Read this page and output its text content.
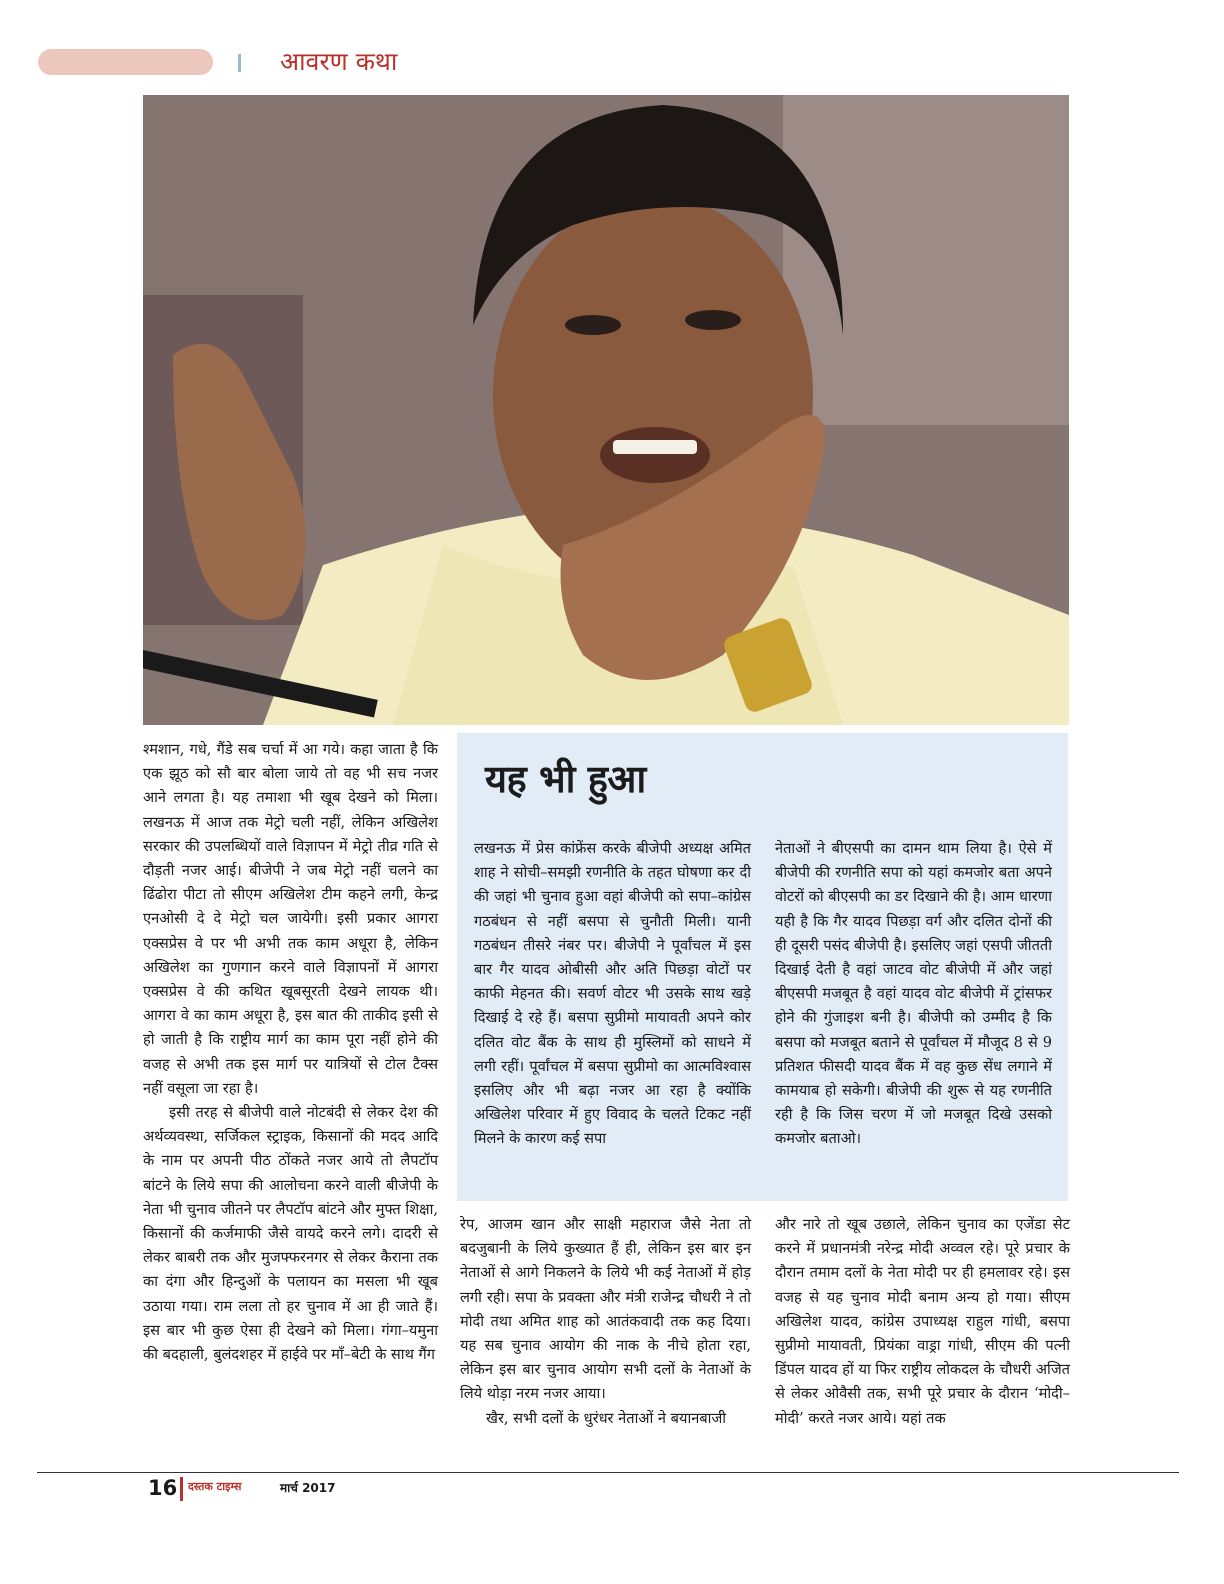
आवरण कथा

श्मशान, गधे, गैंडे सब चर्चा में आ गये। कहा जाता है कि एक झूठ को सौ बार बोला जाये तो वह भी सच नजर आने लगता है। यह तमाशा भी खूब देखने को मिला। लखनऊ में आज तक मेट्रो चली नहीं, लेकिन अखिलेश सरकार की उपलब्धियों वाले विज्ञापन में मेट्रो तीव्र गति से दौड़ती नजर आई। बीजेपी ने जब मेट्रो नहीं चलने का ढिंढोरा पीटा तो सीएम अखिलेश टीम कहने लगी, केन्द्र एनओसी दे दे मेट्रो चल जायेगी। इसी प्रकार आगरा एक्सप्रेस वे पर भी अभी तक काम अधूरा है, लेकिन अखिलेश का गुणगान करने वाले विज्ञापनों में आगरा एक्सप्रेस वे की कथित खूबसूरती देखने लायक थी। आगरा वे का काम अधूरा है, इस बात की ताकीद इसी से हो जाती है कि राष्ट्रीय मार्ग का काम पूरा नहीं होने की वजह से अभी तक इस मार्ग पर यात्रियों से टोल टैक्स नहीं वसूला जा रहा है।

इसी तरह से बीजेपी वाले नोटबंदी से लेकर देश की अर्थव्यवस्था, सर्जिकल स्ट्राइक, किसानों की मदद आदि के नाम पर अपनी पीठ ठोंकते नजर आये तो लैपटॉप बांटने के लिये सपा की आलोचना करने वाली बीजेपी के नेता भी चुनाव जीतने पर लैपटॉप बांटने और मुफ्त शिक्षा, किसानों की कर्जमाफी जैसे वायदे करने लगे। दादरी से लेकर बाबरी तक और मुजफ्फरनगर से लेकर कैराना तक का दंगा और हिन्दुओं के पलायन का मसला भी खूब उठाया गया। राम लला तो हर चुनाव में आ ही जाते हैं। इस बार भी कुछ ऐसा ही देखने को मिला। गंगा–यमुना की बदहाली, बुलंदशहर में हाईवे पर माँ–बेटी के साथ गैंग

यह भी हुआ

लखनऊ में प्रेस कांफ्रेंस करके बीजेपी अध्यक्ष अमित शाह ने सोची–समझी रणनीति के तहत घोषणा कर दी की जहां भी चुनाव हुआ वहां बीजेपी को सपा–कांग्रेस गठबंधन से नहीं बसपा से चुनौती मिली। यानी गठबंधन तीसरे नंबर पर। बीजेपी ने पूर्वांचल में इस बार गैर यादव ओबीसी और अति पिछड़ा वोटों पर काफी मेहनत की। सवर्ण वोटर भी उसके साथ खड़े दिखाई दे रहे हैं। बसपा सुप्रीमो मायावती अपने कोर दलित वोट बैंक के साथ ही मुस्लिमों को साधने में लगी रहीं। पूर्वांचल में बसपा सुप्रीमो का आत्मविश्वास इसलिए और भी बढ़ा नजर आ रहा है क्योंकि अखिलेश परिवार में हुए विवाद के चलते टिकट नहीं मिलने के कारण कई सपा

नेताओं ने बीएसपी का दामन थाम लिया है। ऐसे में बीजेपी की रणनीति सपा को यहां कमजोर बता अपने वोटरों को बीएसपी का डर दिखाने की है। आम धारणा यही है कि गैर यादव पिछड़ा वर्ग और दलित दोनों की ही दूसरी पसंद बीजेपी है। इसलिए जहां एसपी जीतती दिखाई देती है वहां जाटव वोट बीजेपी में और जहां बीएसपी मजबूत है वहां यादव वोट बीजेपी में ट्रांसफर होने की गुंजाइश बनी है। बीजेपी को उम्मीद है कि बसपा को मजबूत बताने से पूर्वांचल में मौजूद 8 से 9 प्रतिशत फीसदी यादव बैंक में वह कुछ सेंध लगाने में कामयाब हो सकेगी। बीजेपी की शुरू से यह रणनीति रही है कि जिस चरण में जो मजबूत दिखे उसको कमजोर बताओ।

रेप, आजम खान और साक्षी महाराज जैसे नेता तो बदजुबानी के लिये कुख्यात हैं ही, लेकिन इस बार इन नेताओं से आगे निकलने के लिये भी कई नेताओं में होड़ लगी रही। सपा के प्रवक्ता और मंत्री राजेन्द्र चौधरी ने तो मोदी तथा अमित शाह को आतंकवादी तक कह दिया। यह सब चुनाव आयोग की नाक के नीचे होता रहा, लेकिन इस बार चुनाव आयोग सभी दलों के नेताओं के लिये थोड़ा नरम नजर आया।

खैर, सभी दलों के धुरंधर नेताओं ने बयानबाजी

और नारे तो खूब उछाले, लेकिन चुनाव का एजेंडा सेट करने में प्रधानमंत्री नरेन्द्र मोदी अव्वल रहे। पूरे प्रचार के दौरान तमाम दलों के नेता मोदी पर ही हमलावर रहे। इस वजह से यह चुनाव मोदी बनाम अन्य हो गया। सीएम अखिलेश यादव, कांग्रेस उपाध्यक्ष राहुल गांधी, बसपा सुप्रीमो मायावती, प्रियंका वाड्रा गांधी, सीएम की पत्नी डिंपल यादव हों या फिर राष्ट्रीय लोकदल के चौधरी अजित से लेकर ओवैसी तक, सभी पूरे प्रचार के दौरान ‘मोदी–मोदी’ करते नजर आये। यहां तक

16 दस्तक टाइम्स	मार्च 2017
